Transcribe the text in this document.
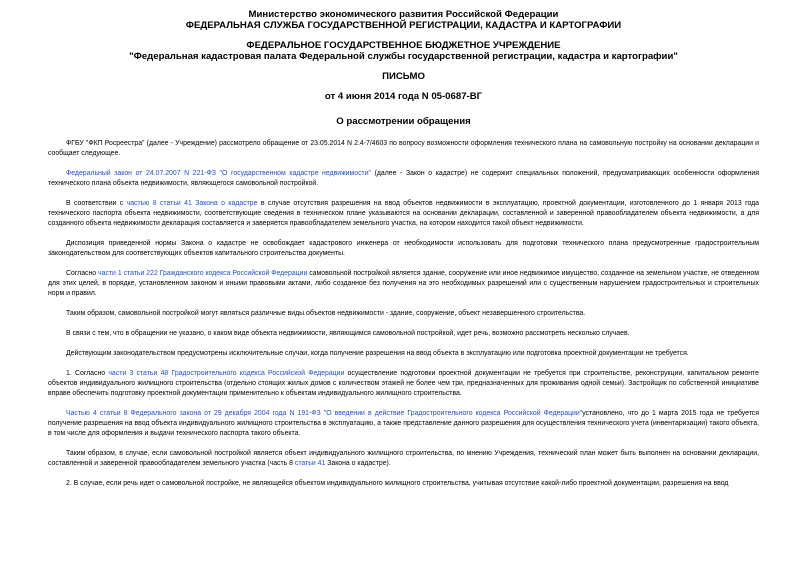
Министерство экономического развития Российской Федерации
ФЕДЕРАЛЬНАЯ СЛУЖБА ГОСУДАРСТВЕННОЙ РЕГИСТРАЦИИ, КАДАСТРА И КАРТОГРАФИИ
ФЕДЕРАЛЬНОЕ ГОСУДАРСТВЕННОЕ БЮДЖЕТНОЕ УЧРЕЖДЕНИЕ
"Федеральная кадастровая палата Федеральной службы государственной регистрации, кадастра и картографии"
ПИСЬМО
от 4 июня 2014 года N 05-0687-ВГ
О рассмотрении обращения

ФГБУ "ФКП Росреестра" (далее - Учреждение) рассмотрело обращение от 23.05.2014 N 2.4-7/4603 по вопросу возможности оформления технического плана на самовольную постройку на основании декларации и сообщает следующее.

Федеральный закон от 24.07.2007 N 221-ФЗ "О государственном кадастре недвижимости" (далее - Закон о кадастре) не содержит специальных положений, предусматривающих особенности оформления технического плана объекта недвижимости, являющегося самовольной постройкой.

В соответствии с частью 8 статьи 41 Закона о кадастре в случае отсутствия разрешения на ввод объектов недвижимости в эксплуатацию, проектной документации, изготовленного до 1 января 2013 года технического паспорта объекта недвижимости, соответствующие сведения в техническом плане указываются на основании декларации, составленной и заверенной правообладателем объекта недвижимости, а для созданного объекта недвижимости декларация составляется и заверяется правообладателем земельного участка, на котором находится такой объект недвижимости.

Диспозиция приведенной нормы Закона о кадастре не освобождает кадастрового инженера от необходимости использовать для подготовки технического плана предусмотренные градостроительным законодательством для соответствующих объектов капитального строительства документы.

Согласно части 1 статьи 222 Гражданского кодекса Российской Федерации самовольной постройкой является здание, сооружение или иное недвижимое имущество, созданное на земельном участке, не отведенном для этих целей, в порядке, установленном законом и иными правовыми актами, либо созданное без получения на это необходимых разрешений или с существенным нарушением градостроительных и строительных норм и правил.

Таким образом, самовольной постройкой могут являться различные виды объектов недвижимости - здание, сооружение, объект незавершенного строительства.

В связи с тем, что в обращении не указано, о каком виде объекта недвижимости, являющимся самовольной постройкой, идет речь, возможно рассмотреть несколько случаев.

Действующим законодательством предусмотрены исключительные случаи, когда получение разрешения на ввод объекта в эксплуатацию или подготовка проектной документации не требуется.

1. Согласно части 3 статьи 48 Градостроительного кодекса Российской Федерации осуществление подготовки проектной документации не требуется при строительстве, реконструкции, капитальном ремонте объектов индивидуального жилищного строительства (отдельно стоящих жилых домов с количеством этажей не более чем три, предназначенных для проживания одной семьи). Застройщик по собственной инициативе вправе обеспечить подготовку проектной документации применительно к объектам индивидуального жилищного строительства.

Частью 4 статьи 8 Федерального закона от 29 декабря 2004 года N 191-ФЗ "О введении в действие Градостроительного кодекса Российской Федерации"установлено, что до 1 марта 2015 года не требуется получение разрешения на ввод объекта индивидуального жилищного строительства в эксплуатацию, а также представление данного разрешения для осуществления технического учета (инвентаризации) такого объекта, в том числе для оформления и выдачи технического паспорта такого объекта.

Таким образом, в случае, если самовольной постройкой является объект индивидуального жилищного строительства, по мнению Учреждения, технический план может быть выполнен на основании декларации, составленной и заверенной правообладателем земельного участка (часть 8 статьи 41 Закона о кадастре).

2. В случае, если речь идет о самовольной постройке, не являющейся объектом индивидуального жилищного строительства, учитывая отсутствие какой-либо проектной документации, разрешения на ввод
